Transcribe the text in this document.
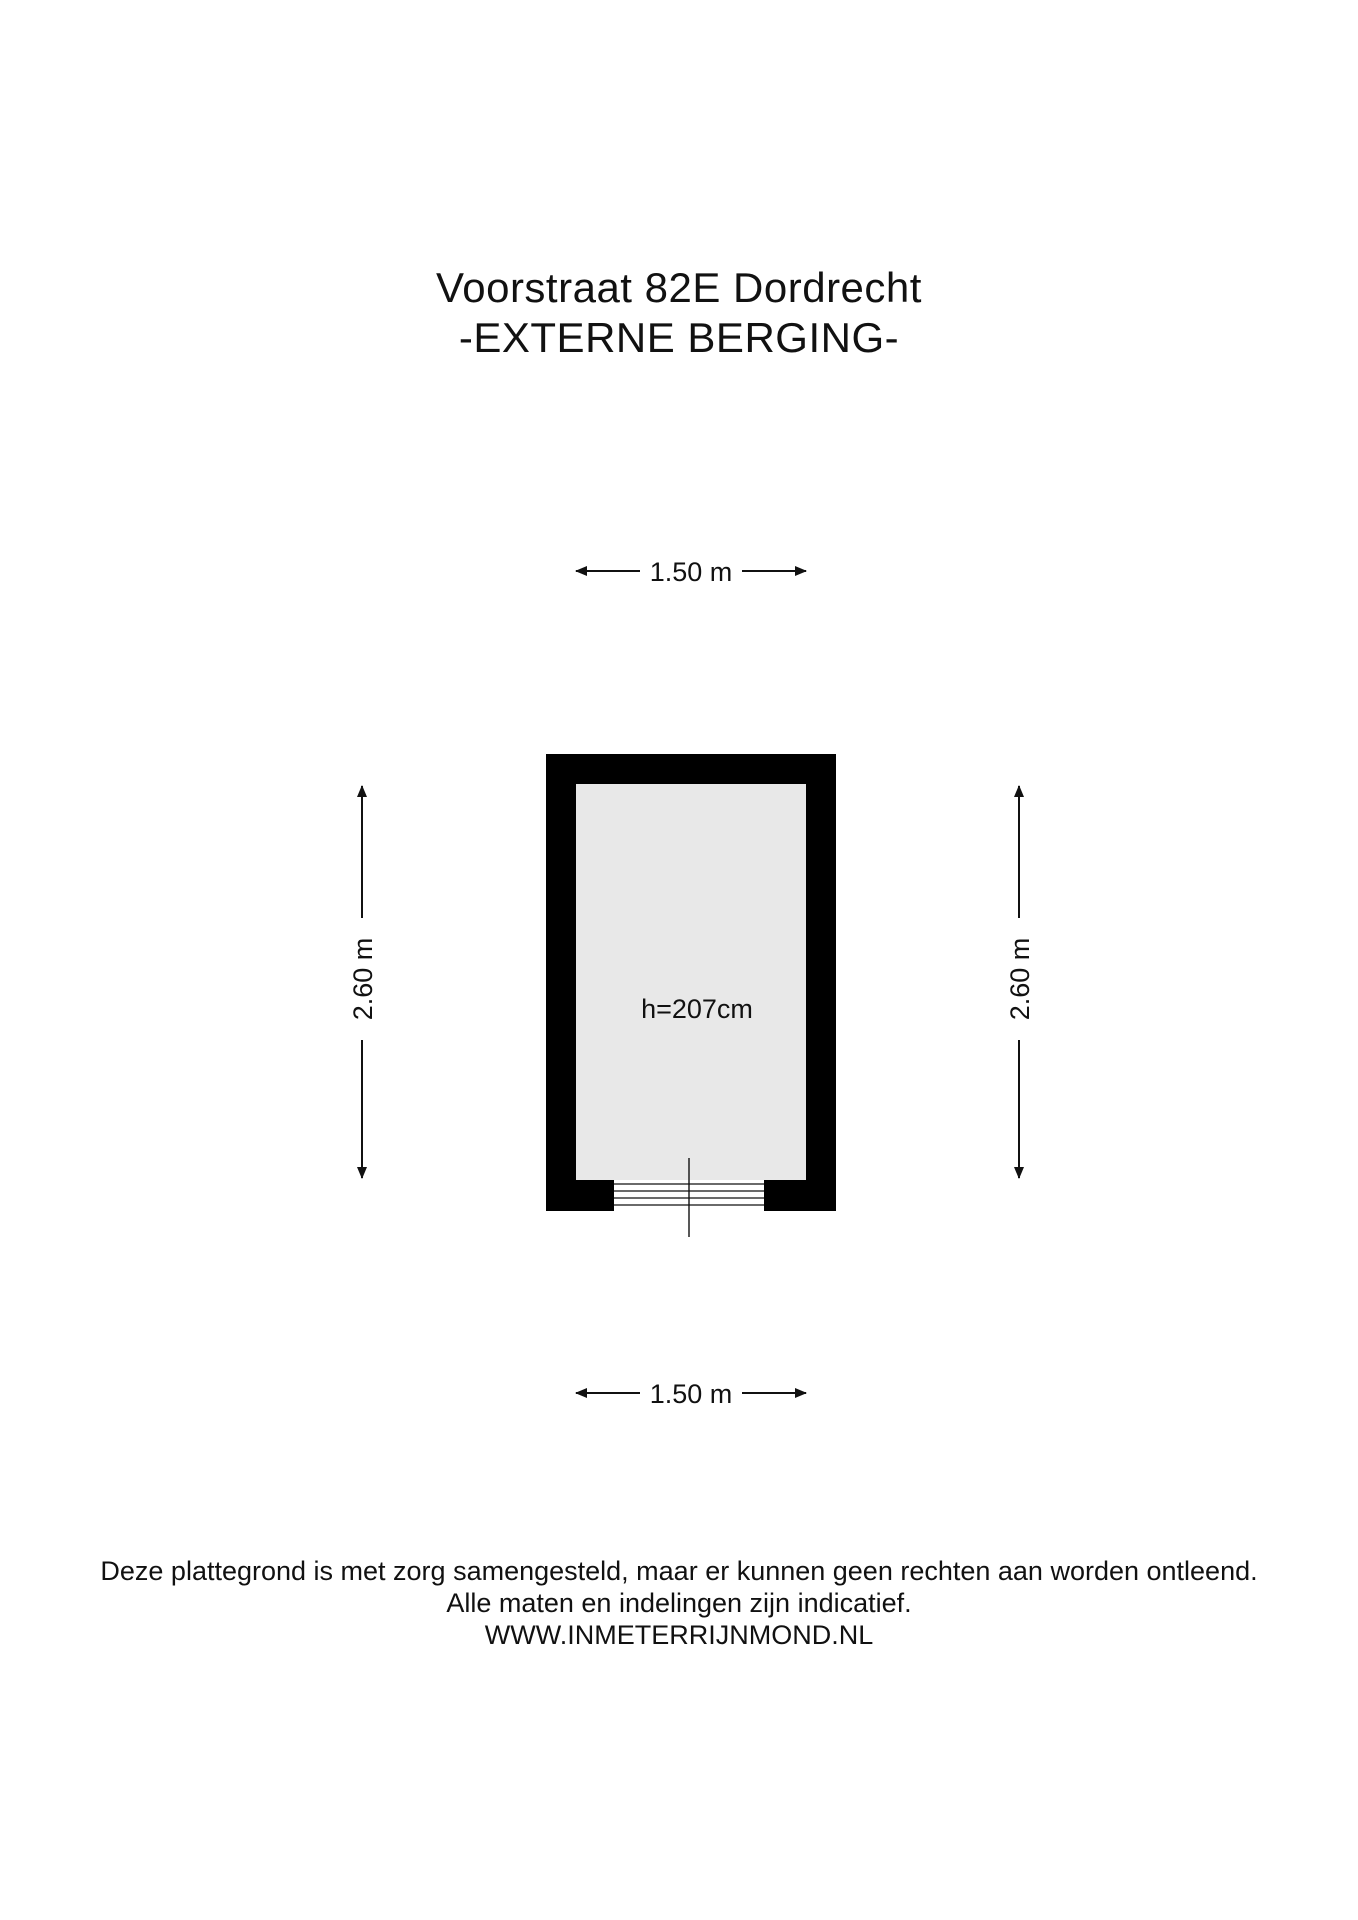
Voorstraat 82E Dordrecht
-EXTERNE BERGING-
1.50 m
1.50 m
2.60 m	2.60 m
h=207cm
Deze plattegrond is met zorg samengesteld, maar er kunnen geen rechten aan worden ontleend.
Alle maten en indelingen zijn indicatief.
WWW.INMETERRIJNMOND.NL
